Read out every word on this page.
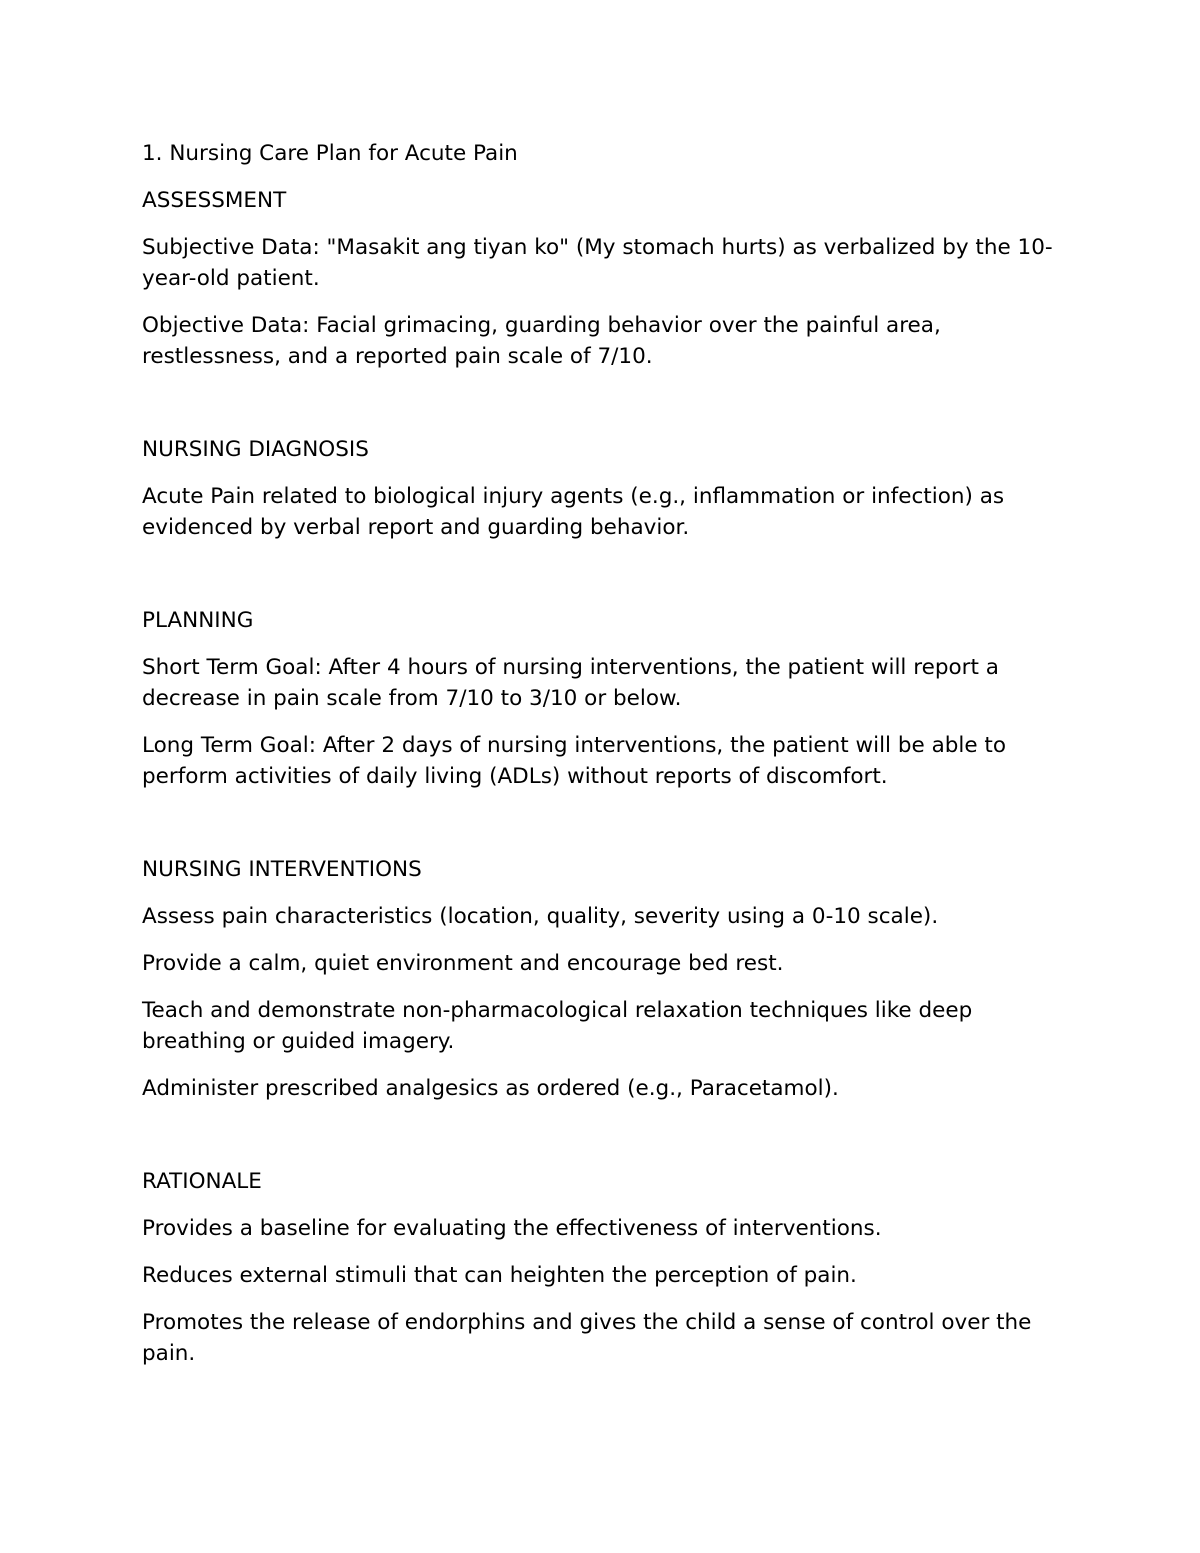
1. Nursing Care Plan for Acute Pain
ASSESSMENT
Subjective Data: "Masakit ang tiyan ko" (My stomach hurts) as verbalized by the 10-year-old patient.
Objective Data: Facial grimacing, guarding behavior over the painful area, restlessness, and a reported pain scale of 7/10.
NURSING DIAGNOSIS
Acute Pain related to biological injury agents (e.g., inflammation or infection) as evidenced by verbal report and guarding behavior.
PLANNING
Short Term Goal: After 4 hours of nursing interventions, the patient will report a decrease in pain scale from 7/10 to 3/10 or below.
Long Term Goal: After 2 days of nursing interventions, the patient will be able to perform activities of daily living (ADLs) without reports of discomfort.
NURSING INTERVENTIONS
Assess pain characteristics (location, quality, severity using a 0-10 scale).
Provide a calm, quiet environment and encourage bed rest.
Teach and demonstrate non-pharmacological relaxation techniques like deep breathing or guided imagery.
Administer prescribed analgesics as ordered (e.g., Paracetamol).
RATIONALE
Provides a baseline for evaluating the effectiveness of interventions.
Reduces external stimuli that can heighten the perception of pain.
Promotes the release of endorphins and gives the child a sense of control over the pain.
